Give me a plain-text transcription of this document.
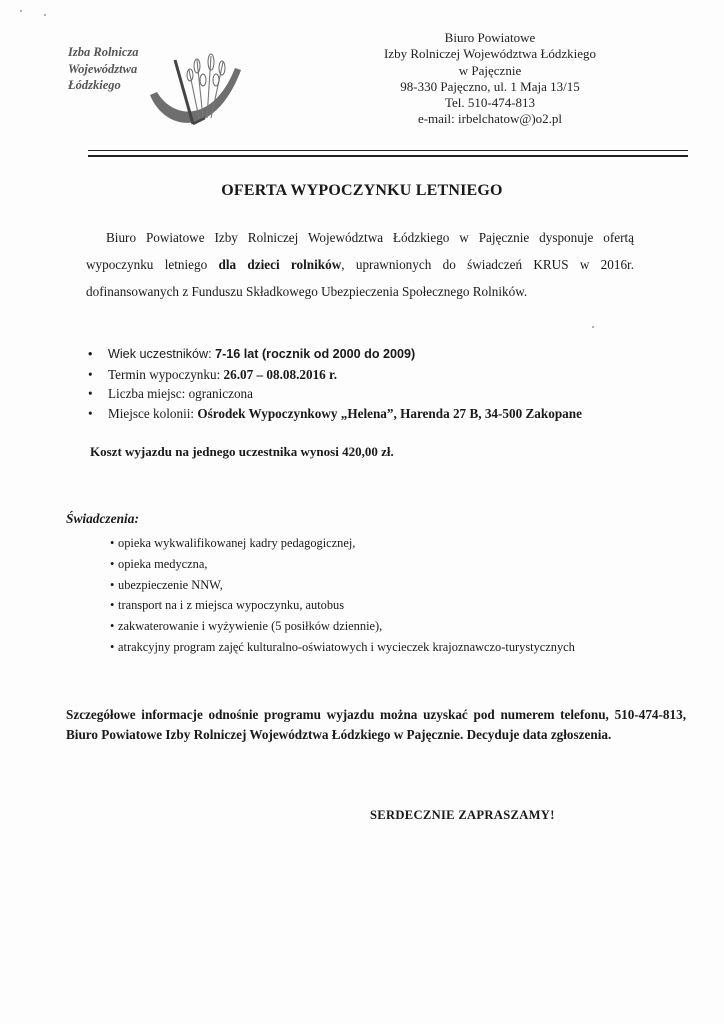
Izba Rolnicza
Województwa
Łódzkiego
Biuro Powiatowe
Izby Rolniczej Województwa Łódzkiego
w Pajęcznie
98-330 Pajęczno, ul. 1 Maja 13/15
Tel. 510-474-813
e-mail: irbelchatow@)o2.pl
OFERTA WYPOCZYNKU LETNIEGO
Biuro Powiatowe Izby Rolniczej Województwa Łódzkiego w Pajęcznie dysponuje ofertą wypoczynku letniego dla dzieci rolników, uprawnionych do świadczeń KRUS w 2016r. dofinansowanych z Funduszu Składkowego Ubezpieczenia Społecznego Rolników.
• Wiek uczestników: 7-16 lat (rocznik od 2000 do 2009)
• Termin wypoczynku: 26.07 – 08.08.2016 r.
• Liczba miejsc: ograniczona
• Miejsce kolonii: Ośrodek Wypoczynkowy „Helena”, Harenda 27 B, 34-500 Zakopane
Koszt wyjazdu na jednego uczestnika wynosi 420,00 zł.
Świadczenia:
• opieka wykwalifikowanej kadry pedagogicznej,
• opieka medyczna,
• ubezpieczenie NNW,
• transport na i z miejsca wypoczynku, autobus
• zakwaterowanie i wyżywienie (5 posiłków dziennie),
• atrakcyjny program zajęć kulturalno-oświatowych i wycieczek krajoznawczo-turystycznych
Szczegółowe informacje odnośnie programu wyjazdu można uzyskać pod numerem telefonu, 510-474-813, Biuro Powiatowe Izby Rolniczej Województwa Łódzkiego w Pajęcznie. Decyduje data zgłoszenia.
SERDECZNIE ZAPRASZAMY!
